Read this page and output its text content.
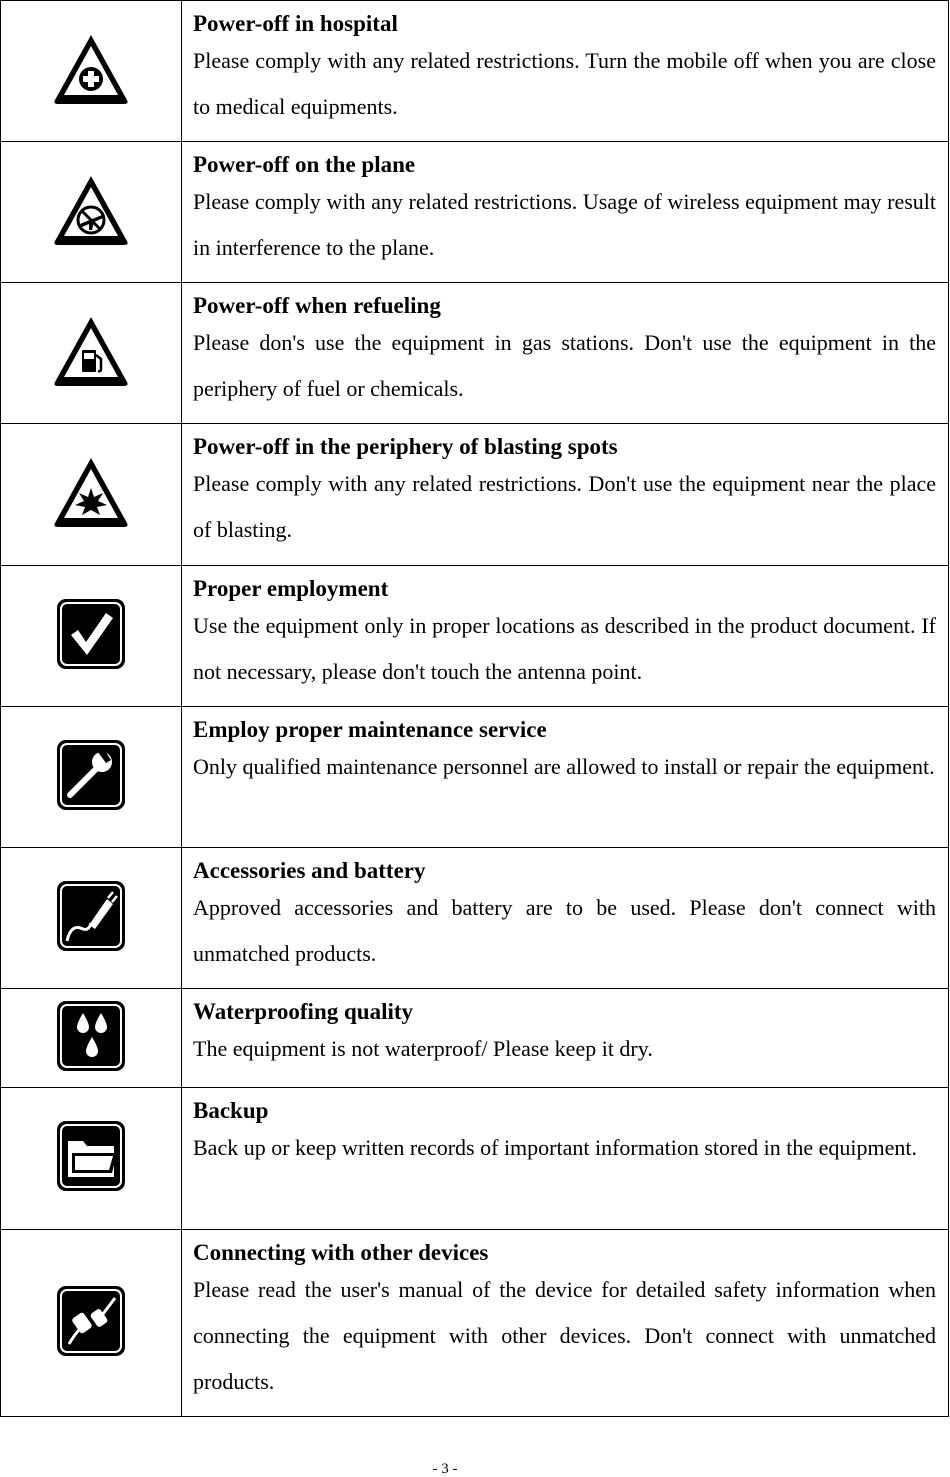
Power-off in hospital
Please comply with any related restrictions. Turn the mobile off when you are close to medical equipments.

Power-off on the plane
Please comply with any related restrictions. Usage of wireless equipment may result in interference to the plane.

Power-off when refueling
Please don's use the equipment in gas stations. Don't use the equipment in the periphery of fuel or chemicals.

Power-off in the periphery of blasting spots
Please comply with any related restrictions. Don't use the equipment near the place of blasting.

Proper employment
Use the equipment only in proper locations as described in the product document. If not necessary, please don't touch the antenna point.

Employ proper maintenance service
Only qualified maintenance personnel are allowed to install or repair the equipment.

Accessories and battery
Approved accessories and battery are to be used. Please don't connect with unmatched products.

Waterproofing quality
The equipment is not waterproof/ Please keep it dry.

Backup
Back up or keep written records of important information stored in the equipment.

Connecting with other devices
Please read the user's manual of the device for detailed safety information when connecting the equipment with other devices. Don't connect with unmatched products.
- 3 -
